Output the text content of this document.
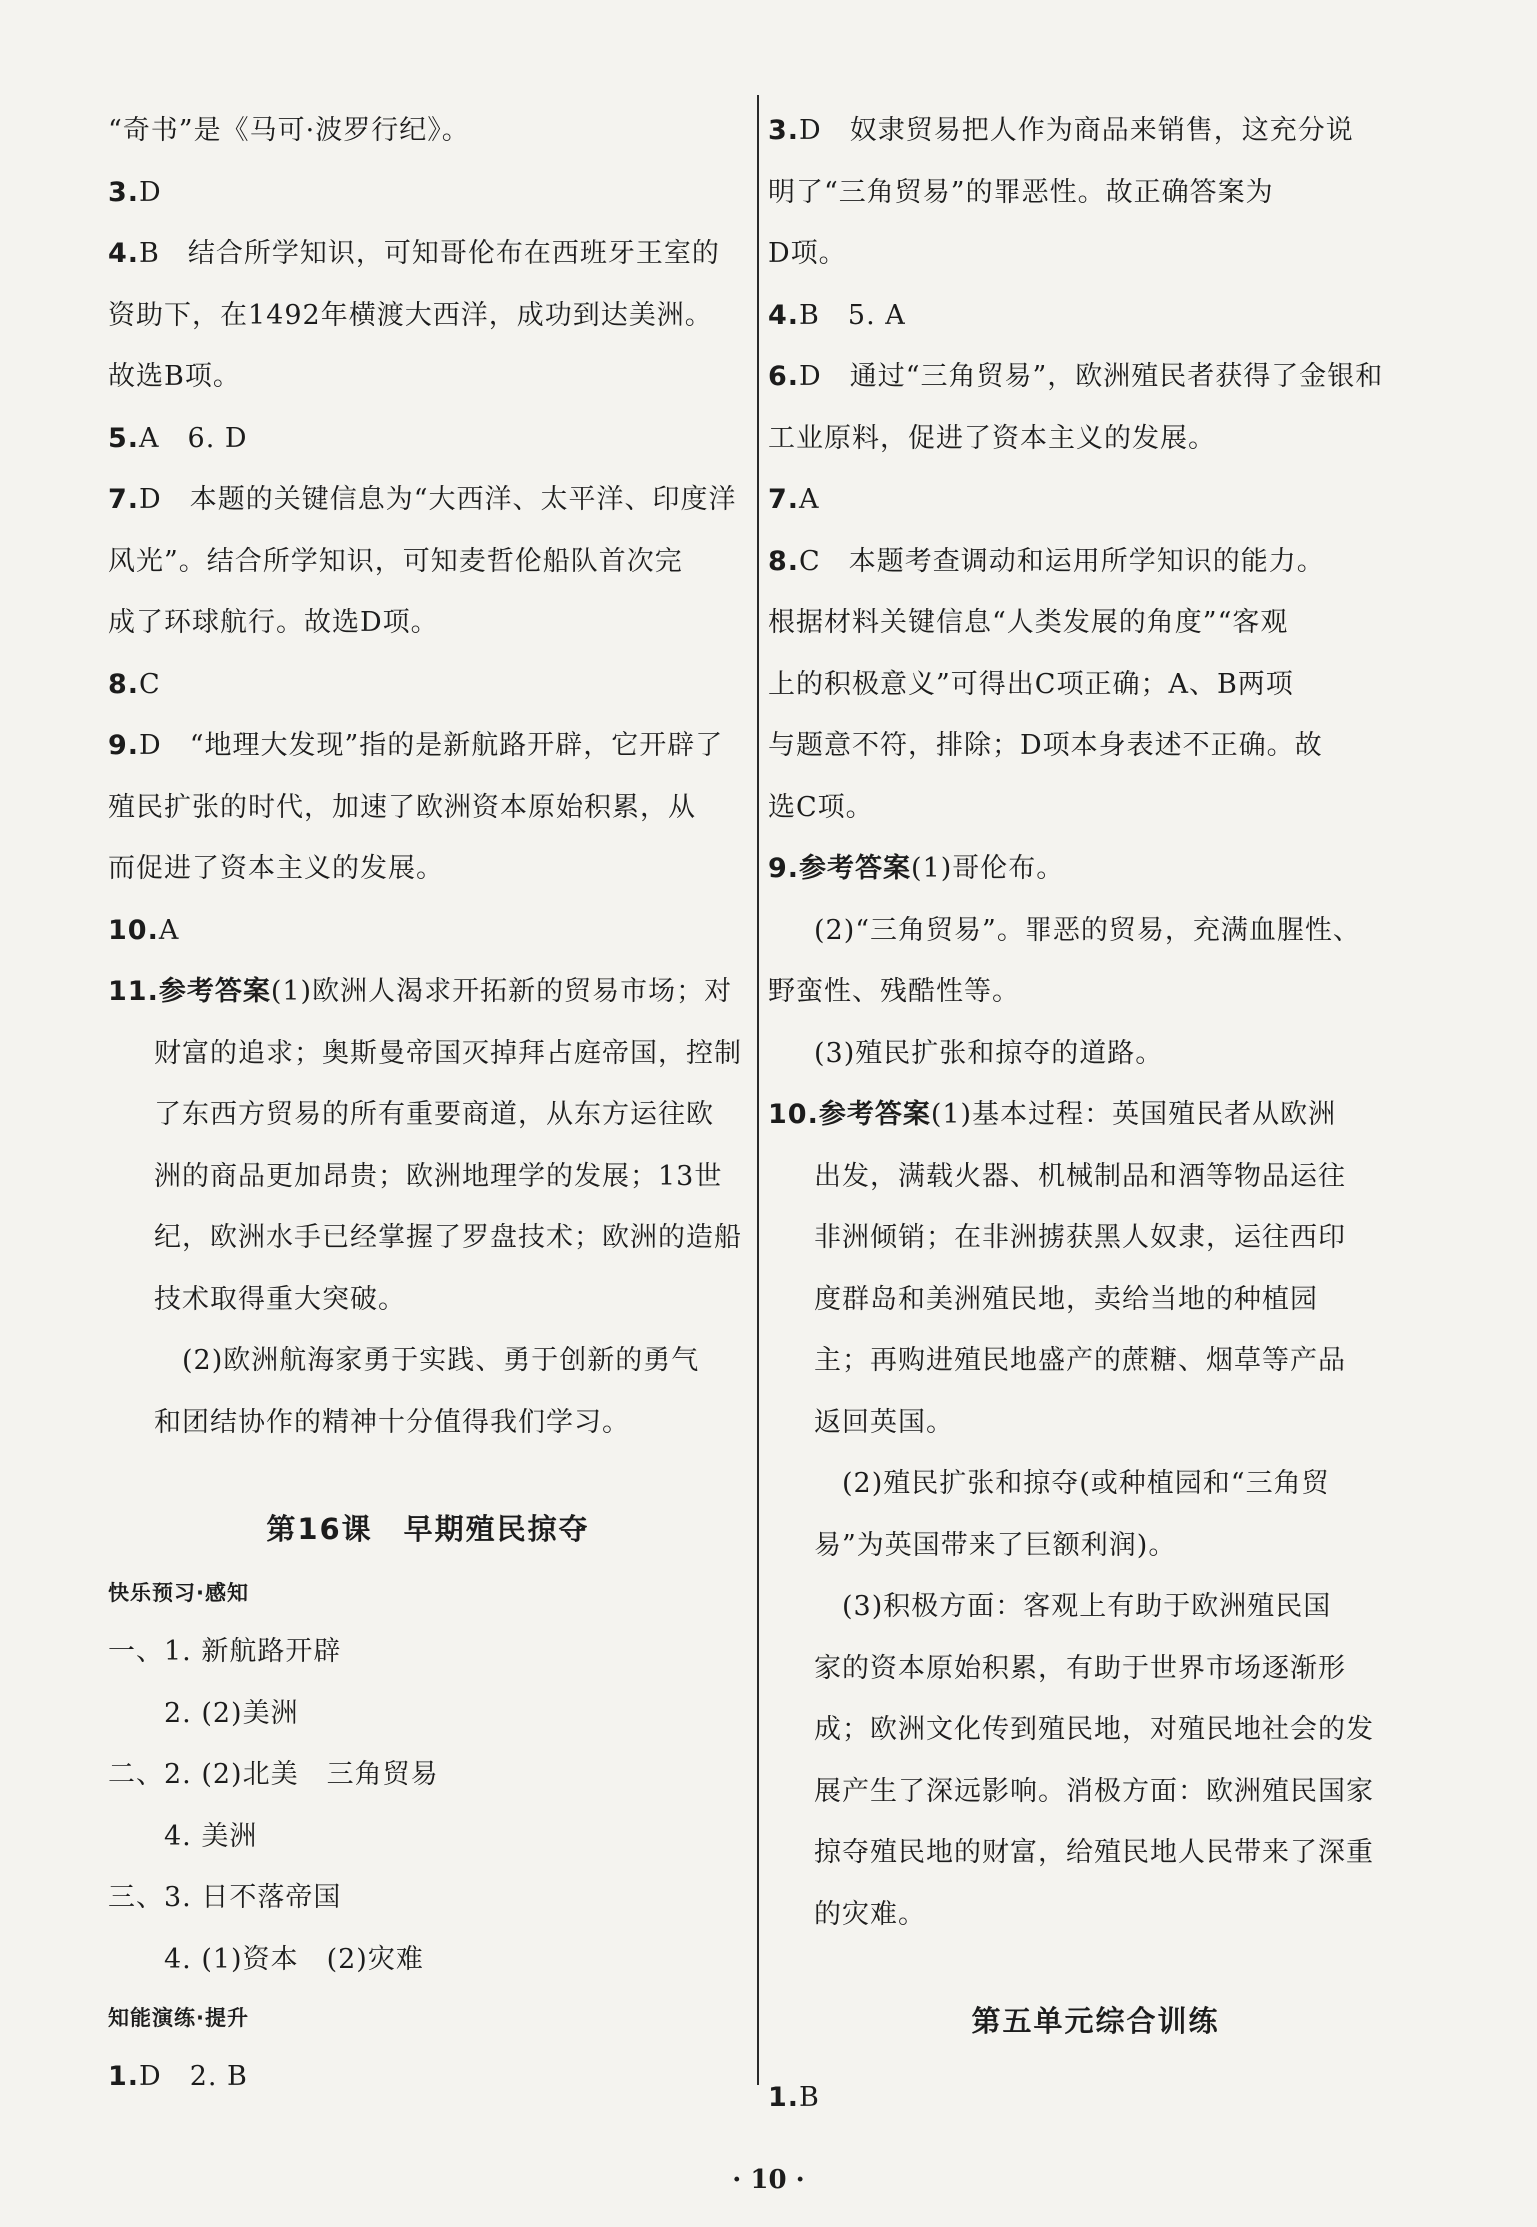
“奇书”是《马可·波罗行纪》。
3.D
4.B　结合所学知识，可知哥伦布在西班牙王室的
资助下，在1492年横渡大西洋，成功到达美洲。
故选B项。
5.A　6. D
7.D　本题的关键信息为“大西洋、太平洋、印度洋
风光”。结合所学知识，可知麦哲伦船队首次完
成了环球航行。故选D项。
8.C
9.D　“地理大发现”指的是新航路开辟，它开辟了
殖民扩张的时代，加速了欧洲资本原始积累，从
而促进了资本主义的发展。
10.A
11.参考答案(1)欧洲人渴求开拓新的贸易市场；对
财富的追求；奥斯曼帝国灭掉拜占庭帝国，控制
了东西方贸易的所有重要商道，从东方运往欧
洲的商品更加昂贵；欧洲地理学的发展；13世
纪，欧洲水手已经掌握了罗盘技术；欧洲的造船
技术取得重大突破。
　(2)欧洲航海家勇于实践、勇于创新的勇气
和团结协作的精神十分值得我们学习。
第16课　早期殖民掠夺
快乐预习·感知
一、1. 新航路开辟
　　2. (2)美洲
二、2. (2)北美　三角贸易
　　4. 美洲
三、3. 日不落帝国
　　4. (1)资本　(2)灾难
知能演练·提升
1.D　2. B
3.D　奴隶贸易把人作为商品来销售，这充分说
明了“三角贸易”的罪恶性。故正确答案为
D项。
4.B　5. A
6.D　通过“三角贸易”，欧洲殖民者获得了金银和
工业原料，促进了资本主义的发展。
7.A
8.C　本题考查调动和运用所学知识的能力。
根据材料关键信息“人类发展的角度”“客观
上的积极意义”可得出C项正确；A、B两项
与题意不符，排除；D项本身表述不正确。故
选C项。
9.参考答案(1)哥伦布。
(2)“三角贸易”。罪恶的贸易，充满血腥性、
野蛮性、残酷性等。
(3)殖民扩张和掠夺的道路。
10.参考答案(1)基本过程：英国殖民者从欧洲
出发，满载火器、机械制品和酒等物品运往
非洲倾销；在非洲掳获黑人奴隶，运往西印
度群岛和美洲殖民地，卖给当地的种植园
主；再购进殖民地盛产的蔗糖、烟草等产品
返回英国。
　(2)殖民扩张和掠夺(或种植园和“三角贸
易”为英国带来了巨额利润)。
　(3)积极方面：客观上有助于欧洲殖民国
家的资本原始积累，有助于世界市场逐渐形
成；欧洲文化传到殖民地，对殖民地社会的发
展产生了深远影响。消极方面：欧洲殖民国家
掠夺殖民地的财富，给殖民地人民带来了深重
的灾难。
第五单元综合训练
1.B
· 10 ·
